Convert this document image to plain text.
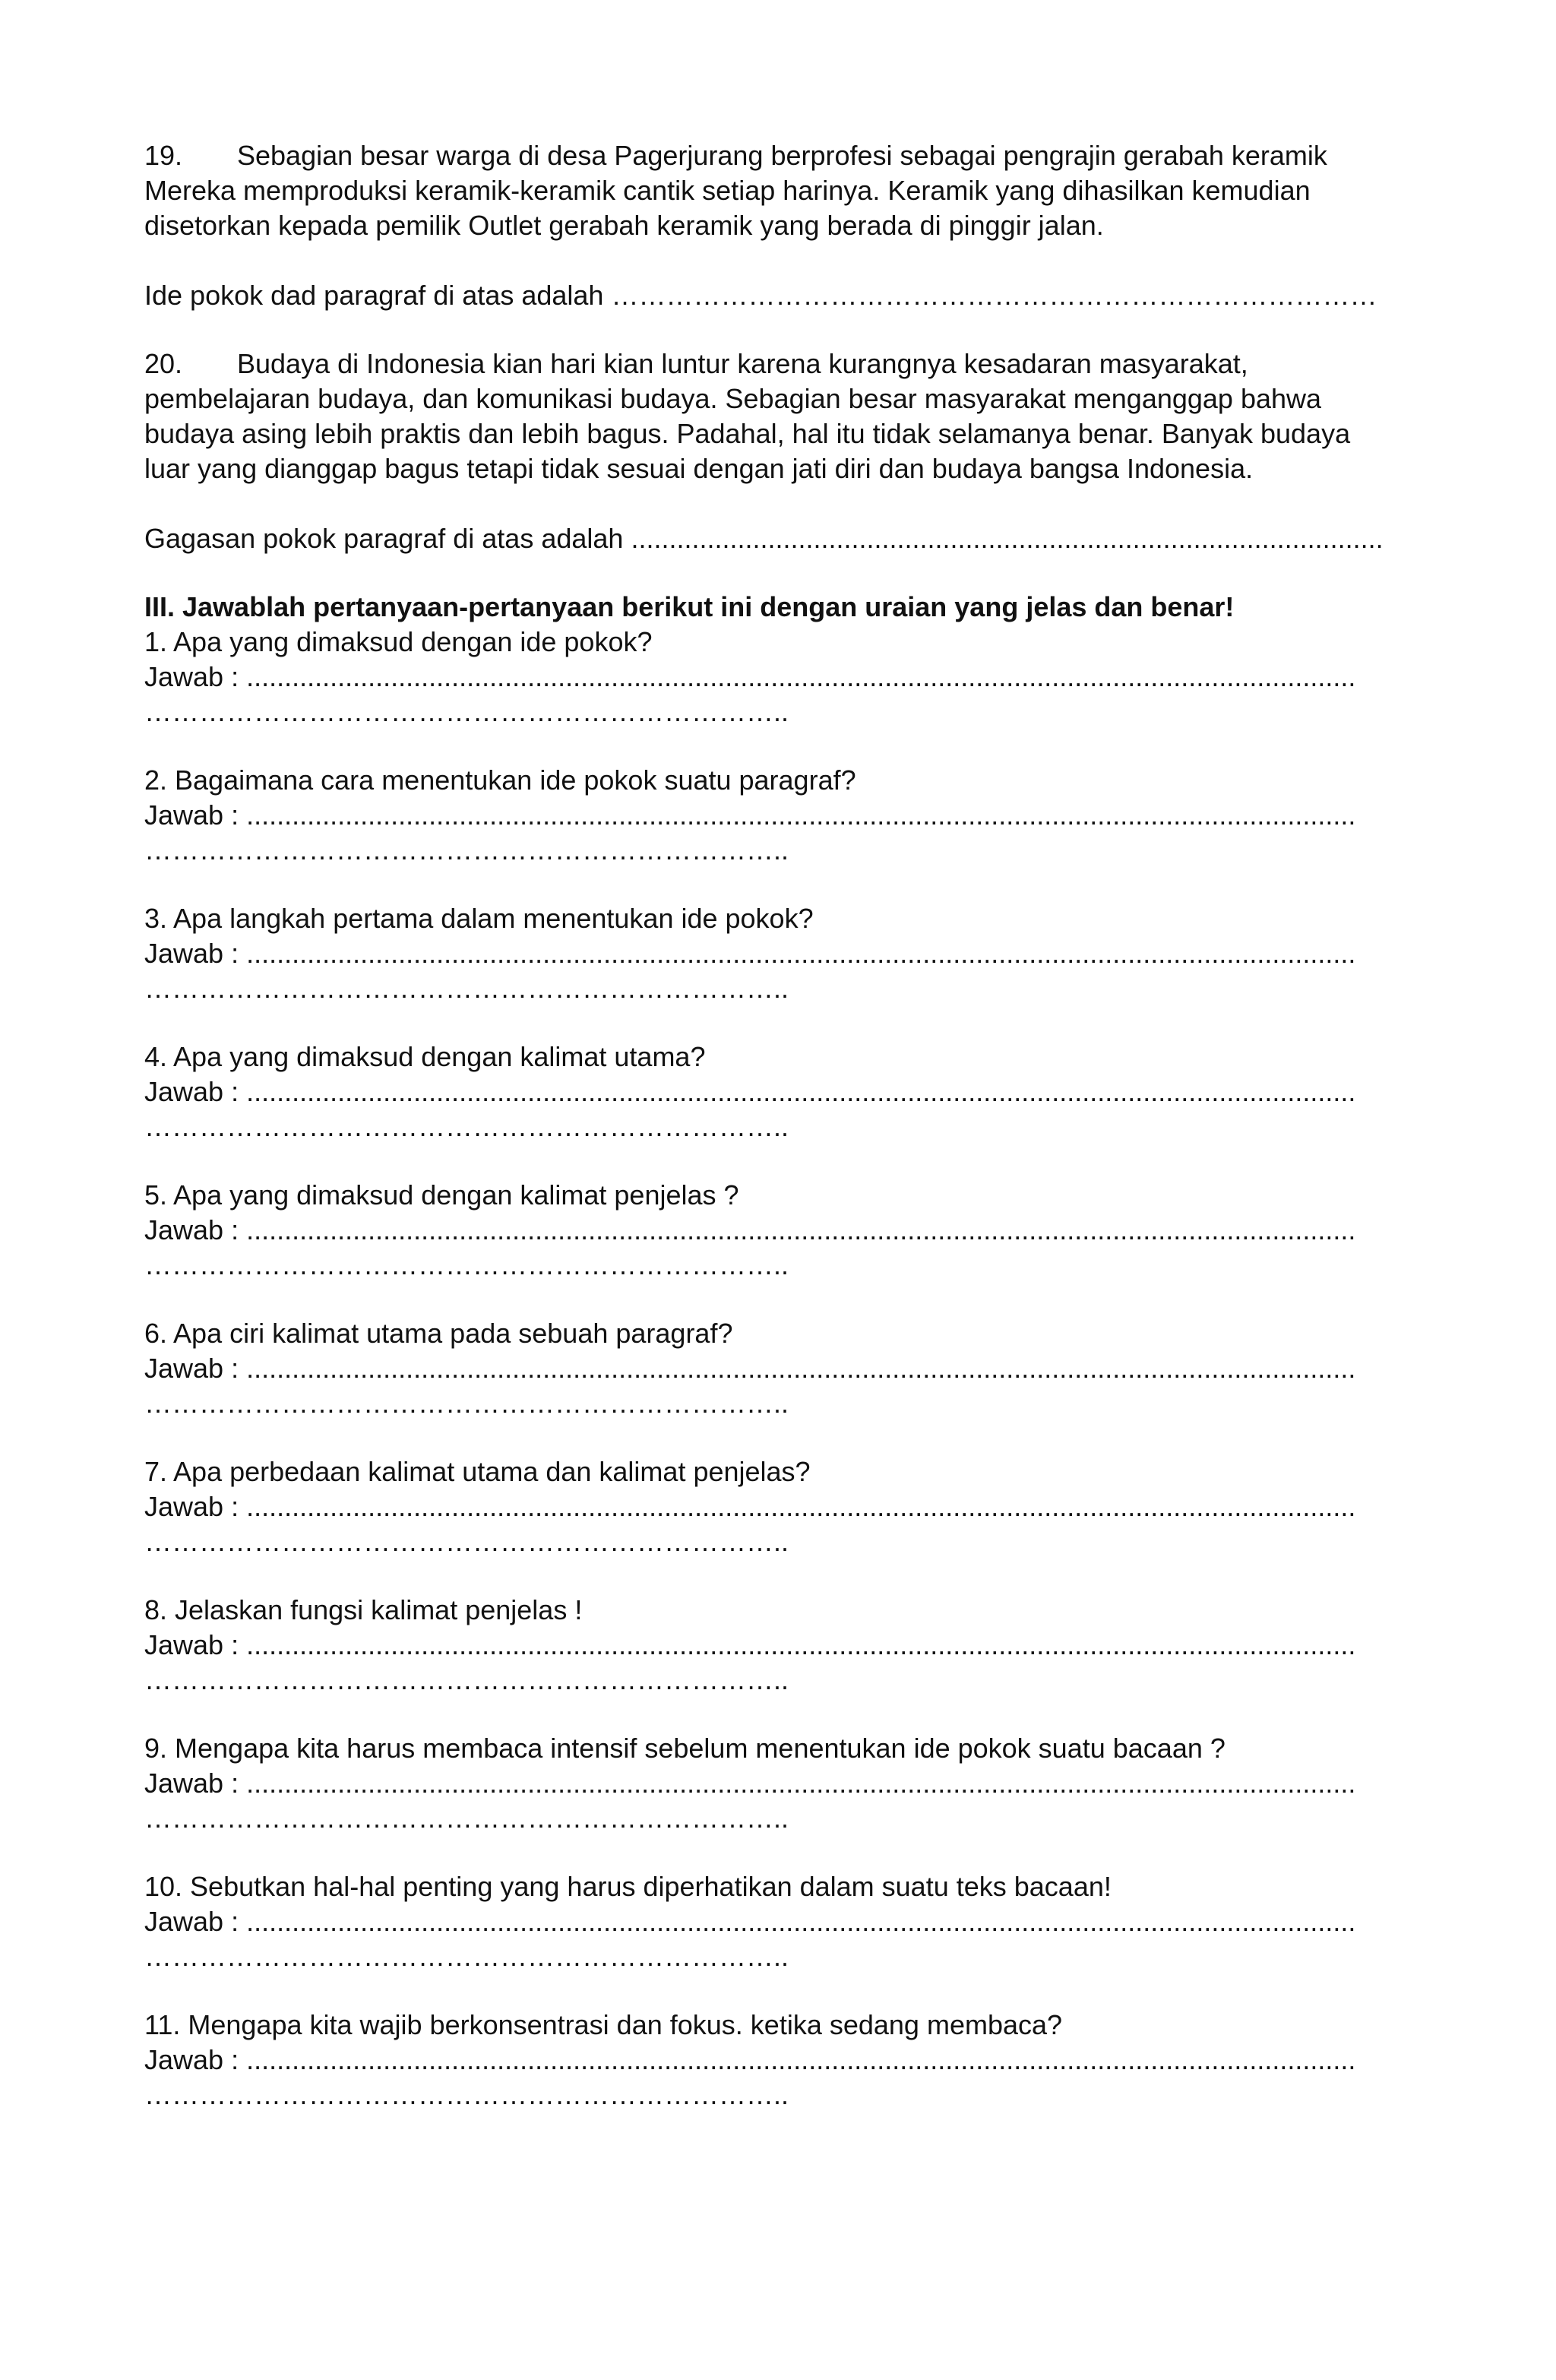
19. Sebagian besar warga di desa Pagerjurang berprofesi sebagai pengrajin gerabah keramik
Mereka memproduksi keramik-keramik cantik setiap harinya. Keramik yang dihasilkan kemudian
disetorkan kepada pemilik Outlet gerabah keramik yang berada di pinggir jalan.
Ide pokok dad paragraf di atas adalah …………………………………………………………………………
20. Budaya di Indonesia kian hari kian luntur karena kurangnya kesadaran masyarakat,
pembelajaran budaya, dan komunikasi budaya. Sebagian besar masyarakat menganggap bahwa
budaya asing lebih praktis dan lebih bagus. Padahal, hal itu tidak selamanya benar. Banyak budaya
luar yang dianggap bagus tetapi tidak sesuai dengan jati diri dan budaya bangsa Indonesia.
Gagasan pokok paragraf di atas adalah ...................................................................................................
III. Jawablah pertanyaan-pertanyaan berikut ini dengan uraian yang jelas dan benar!
1. Apa yang dimaksud dengan ide pokok?
Jawab : ..................................................................................................................................................
……………………………………………………………..
2. Bagaimana cara menentukan ide pokok suatu paragraf?
Jawab : ..................................................................................................................................................
……………………………………………………………..
3. Apa langkah pertama dalam menentukan ide pokok?
Jawab : ..................................................................................................................................................
……………………………………………………………..
4. Apa yang dimaksud dengan kalimat utama?
Jawab : ..................................................................................................................................................
……………………………………………………………..
5. Apa yang dimaksud dengan kalimat penjelas ?
Jawab : ..................................................................................................................................................
……………………………………………………………..
6. Apa ciri kalimat utama pada sebuah paragraf?
Jawab : ..................................................................................................................................................
……………………………………………………………..
7. Apa perbedaan kalimat utama dan kalimat penjelas?
Jawab : ..................................................................................................................................................
……………………………………………………………..
8. Jelaskan fungsi kalimat penjelas !
Jawab : ..................................................................................................................................................
……………………………………………………………..
9. Mengapa kita harus membaca intensif sebelum menentukan ide pokok suatu bacaan ?
Jawab : ..................................................................................................................................................
……………………………………………………………..
10. Sebutkan hal-hal penting yang harus diperhatikan dalam suatu teks bacaan!
Jawab : ..................................................................................................................................................
……………………………………………………………..
11. Mengapa kita wajib berkonsentrasi dan fokus. ketika sedang membaca?
Jawab : ..................................................................................................................................................
……………………………………………………………..
